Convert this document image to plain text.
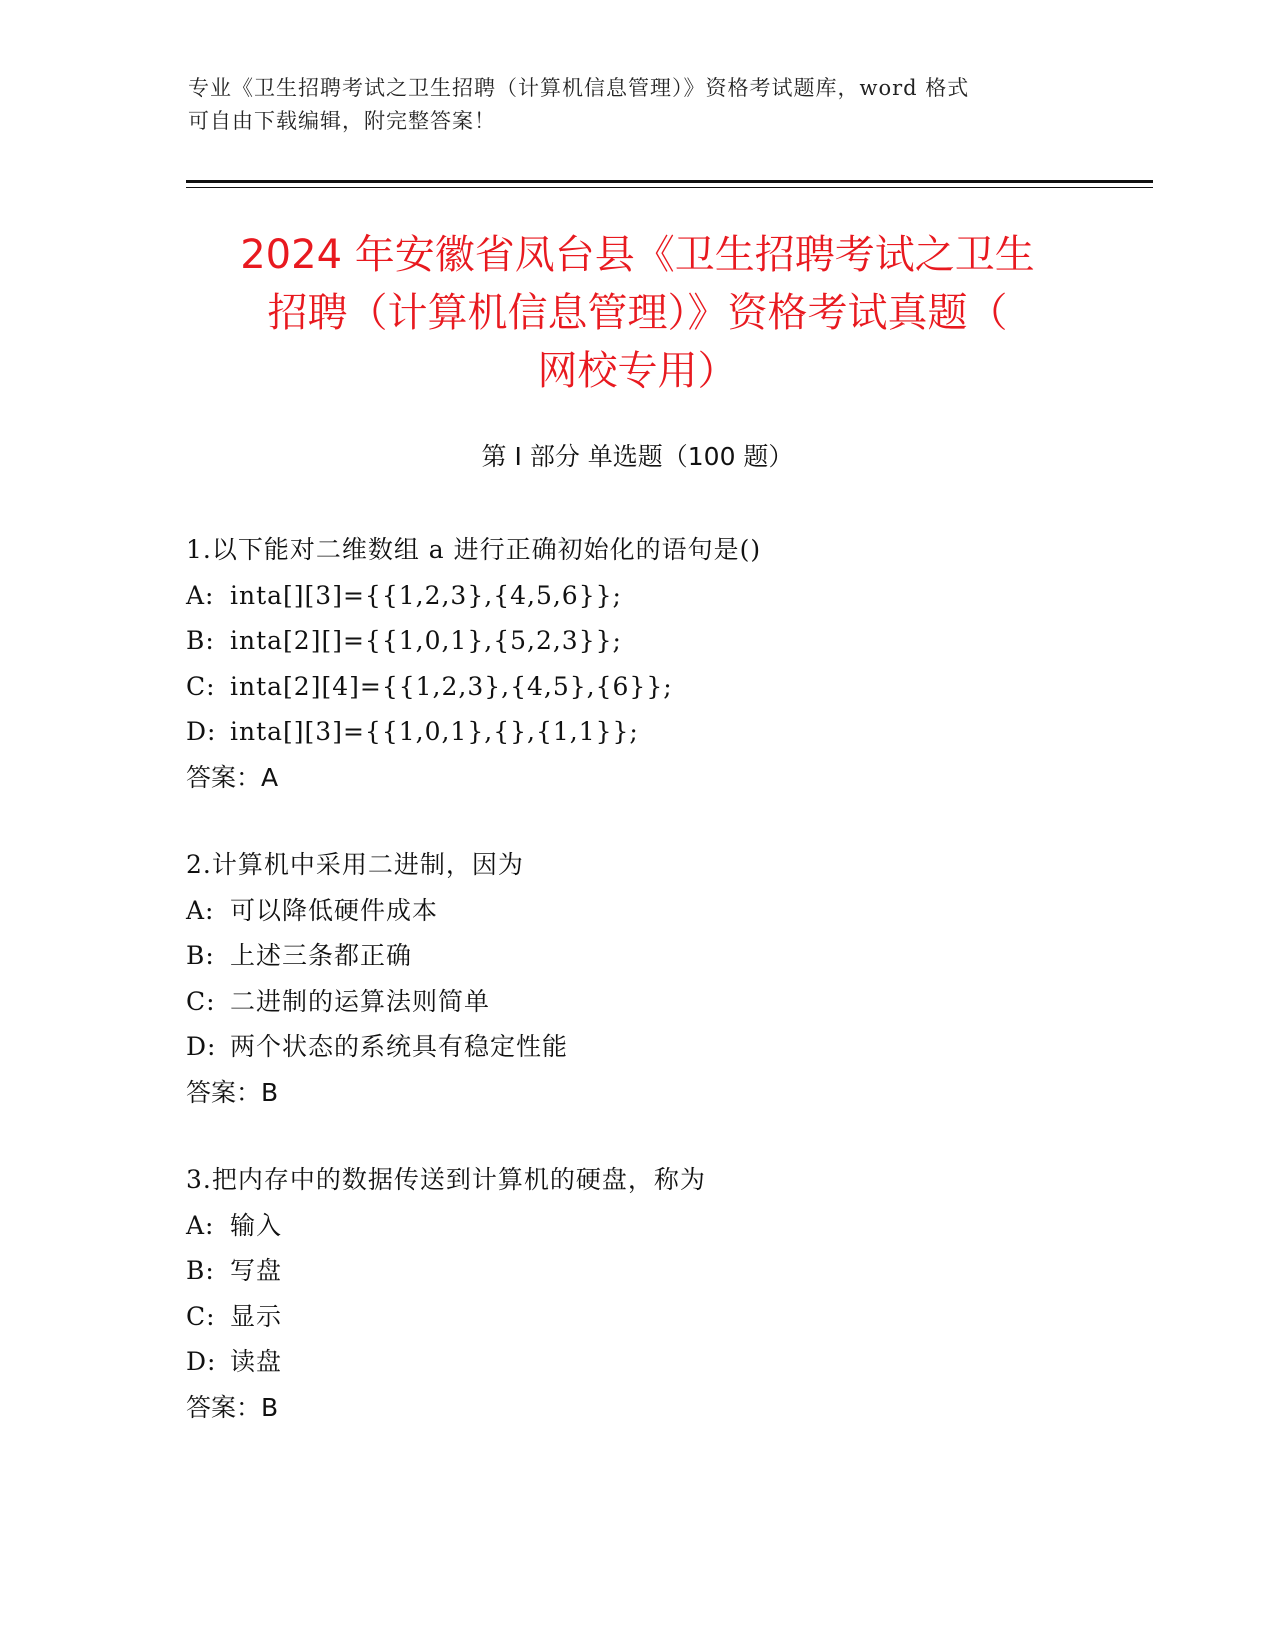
专业《卫生招聘考试之卫生招聘（计算机信息管理）》资格考试题库，word 格式
可自由下载编辑，附完整答案！
2024 年安徽省凤台县《卫生招聘考试之卫生
招聘（计算机信息管理）》资格考试真题（
网校专用）
第 I 部分 单选题（100 题）
1.以下能对二维数组 a 进行正确初始化的语句是()
A: inta[][3]={{1,2,3},{4,5,6}};
B: inta[2][]={{1,0,1},{5,2,3}};
C: inta[2][4]={{1,2,3},{4,5},{6}};
D: inta[][3]={{1,0,1},{},{1,1}};
答案：A
2.计算机中采用二进制，因为
A: 可以降低硬件成本
B: 上述三条都正确
C: 二进制的运算法则简单
D: 两个状态的系统具有稳定性能
答案：B
3.把内存中的数据传送到计算机的硬盘，称为
A: 输入
B: 写盘
C: 显示
D: 读盘
答案：B
